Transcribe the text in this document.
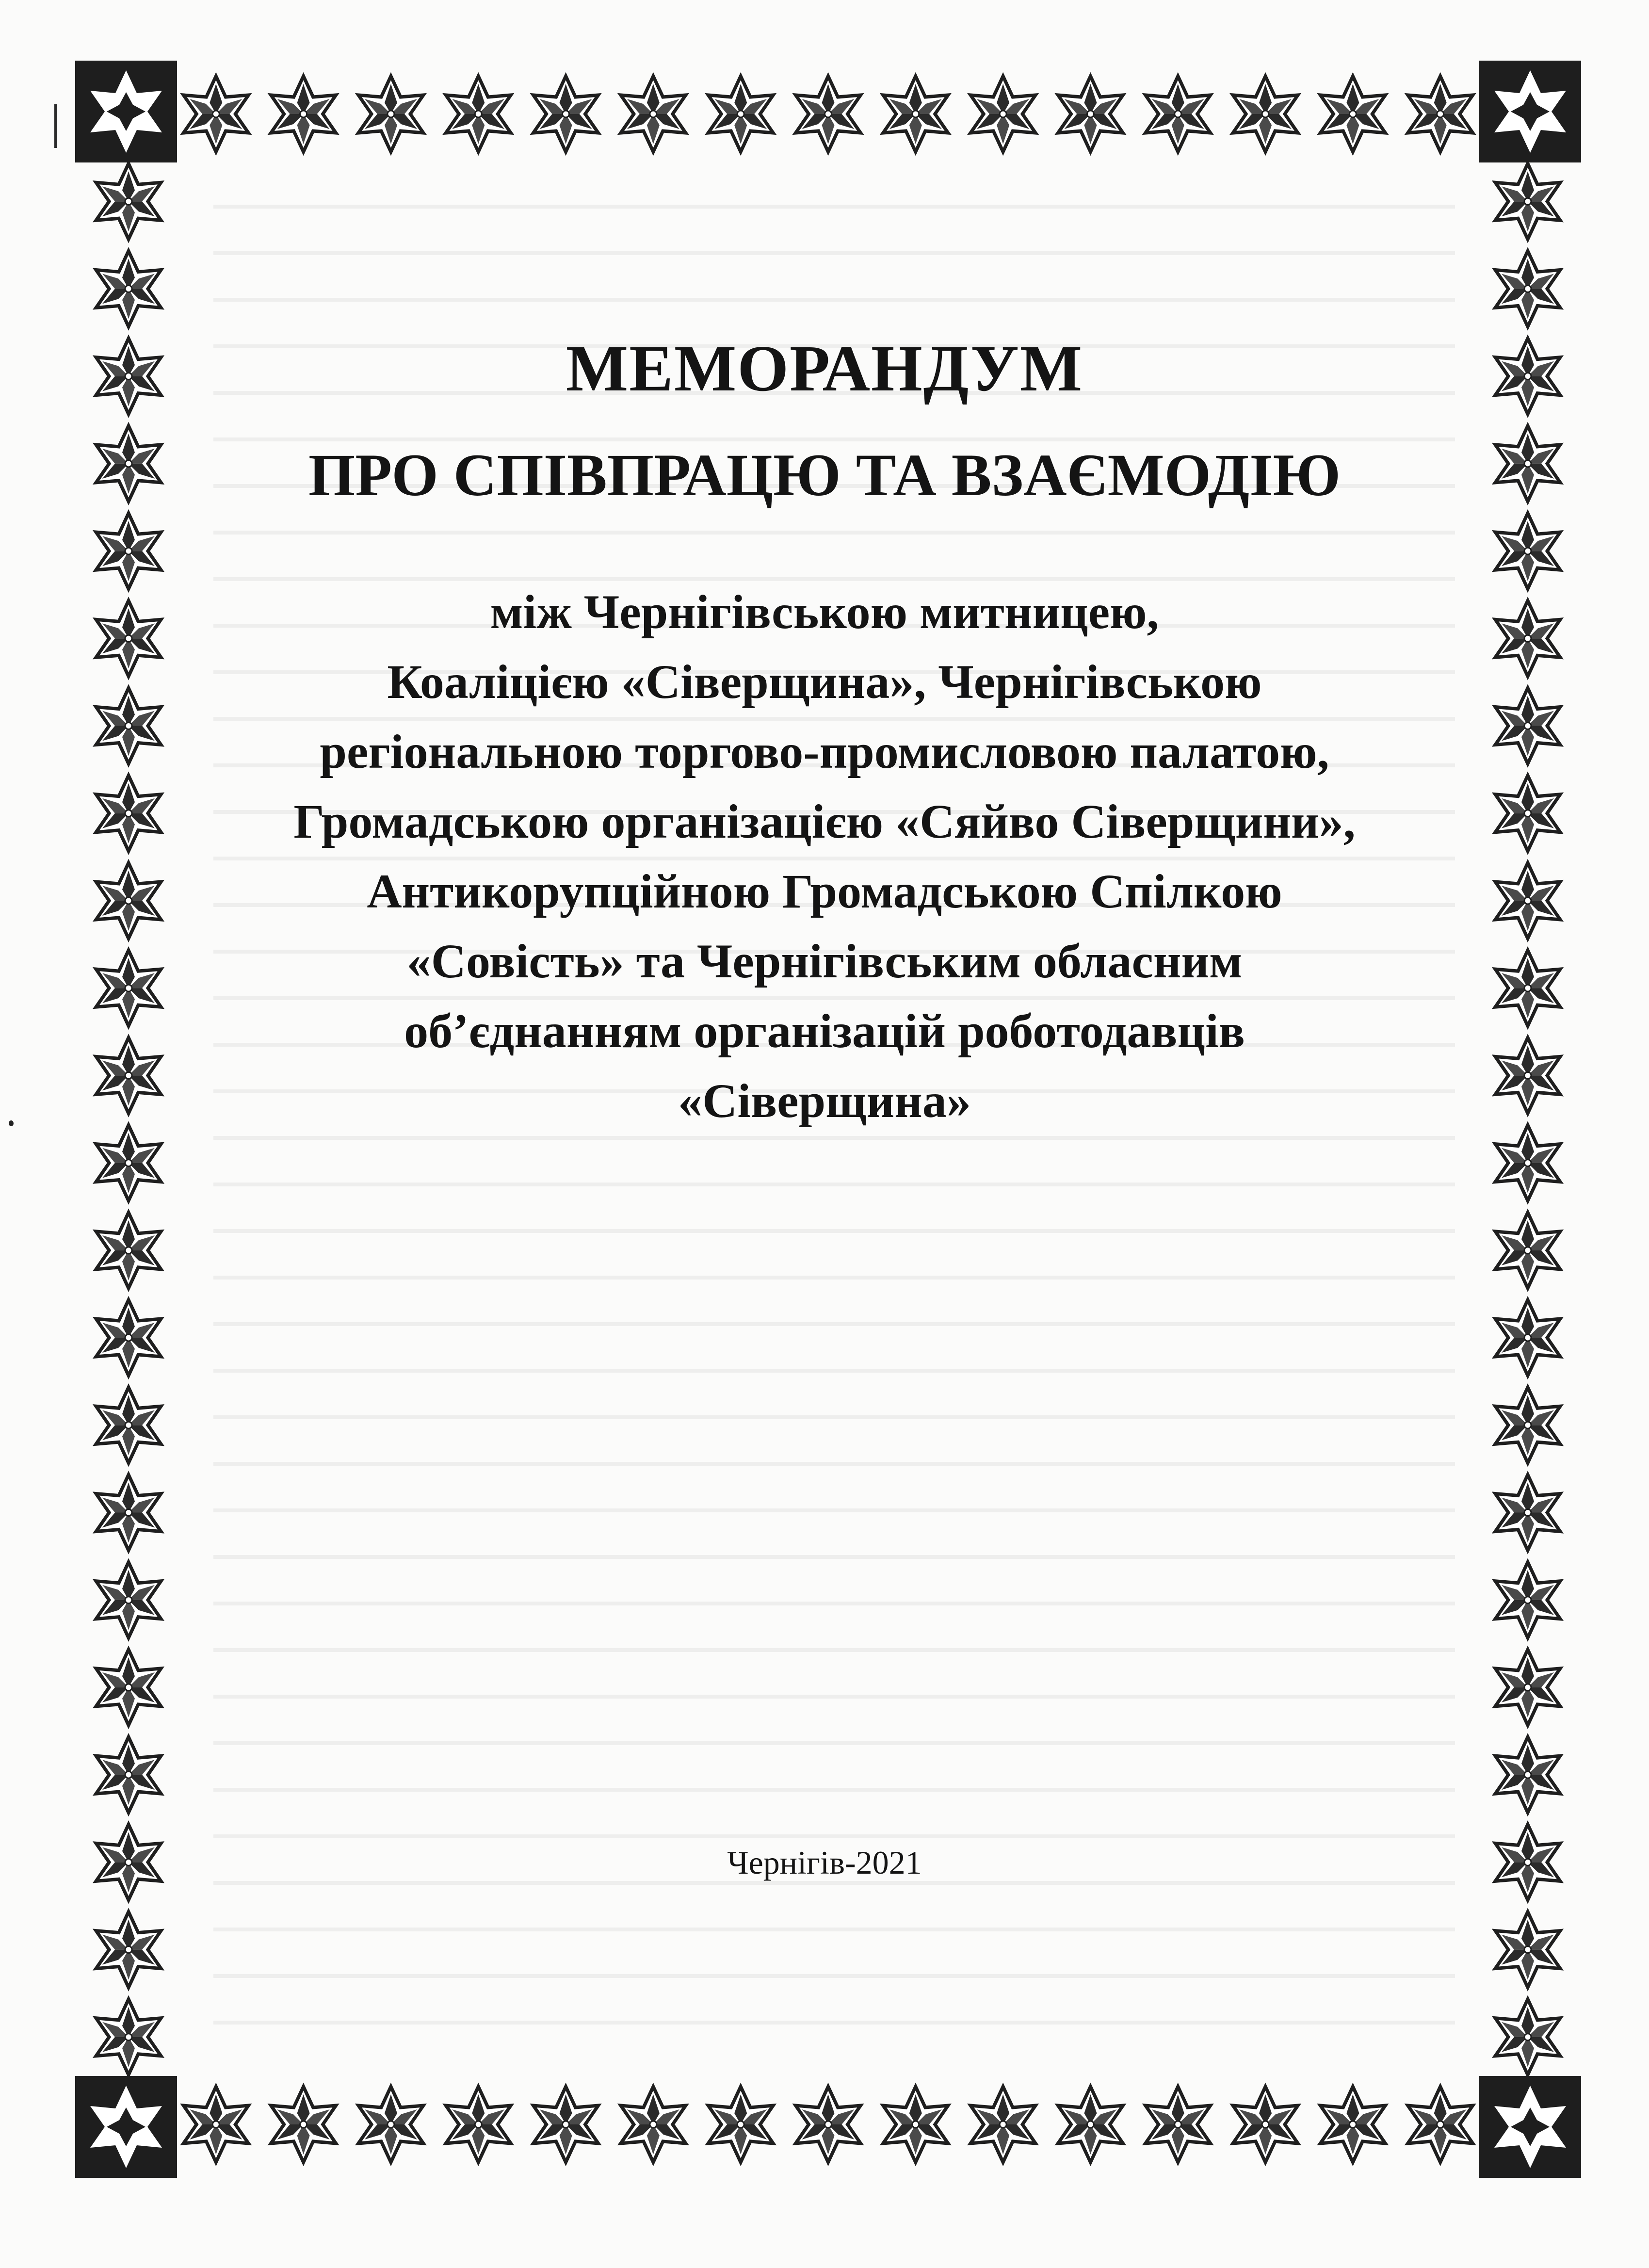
МЕМОРАНДУМ
ПРО СПІВПРАЦЮ ТА ВЗАЄМОДІЮ
між Чернігівською митницею,
Коаліцією «Сіверщина», Чернігівською
регіональною торгово-промисловою палатою,
Громадською організацією «Сяйво Сіверщини»,
Антикорупційною Громадською Спілкою
«Совість» та Чернігівським обласним
об’єднанням організацій роботодавців
«Сіверщина»
Чернігів-2021
